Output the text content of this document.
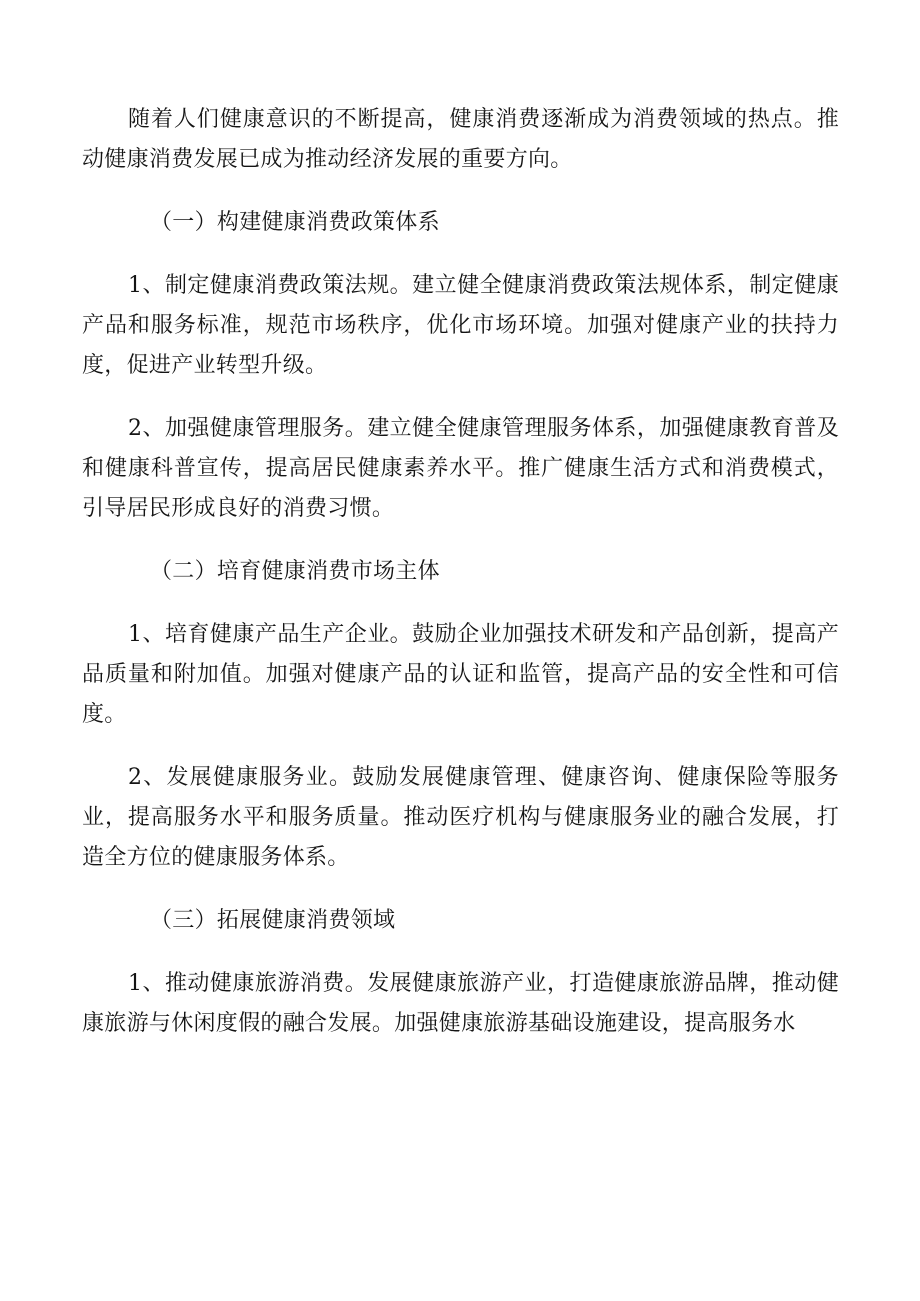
随着人们健康意识的不断提高，健康消费逐渐成为消费领域的热点。推动健康消费发展已成为推动经济发展的重要方向。

（一）构建健康消费政策体系

1、制定健康消费政策法规。建立健全健康消费政策法规体系，制定健康产品和服务标准，规范市场秩序，优化市场环境。加强对健康产业的扶持力度，促进产业转型升级。

2、加强健康管理服务。建立健全健康管理服务体系，加强健康教育普及和健康科普宣传，提高居民健康素养水平。推广健康生活方式和消费模式，引导居民形成良好的消费习惯。

（二）培育健康消费市场主体

1、培育健康产品生产企业。鼓励企业加强技术研发和产品创新，提高产品质量和附加值。加强对健康产品的认证和监管，提高产品的安全性和可信度。

2、发展健康服务业。鼓励发展健康管理、健康咨询、健康保险等服务业，提高服务水平和服务质量。推动医疗机构与健康服务业的融合发展，打造全方位的健康服务体系。

（三）拓展健康消费领域

1、推动健康旅游消费。发展健康旅游产业，打造健康旅游品牌，推动健康旅游与休闲度假的融合发展。加强健康旅游基础设施建设，提高服务水
